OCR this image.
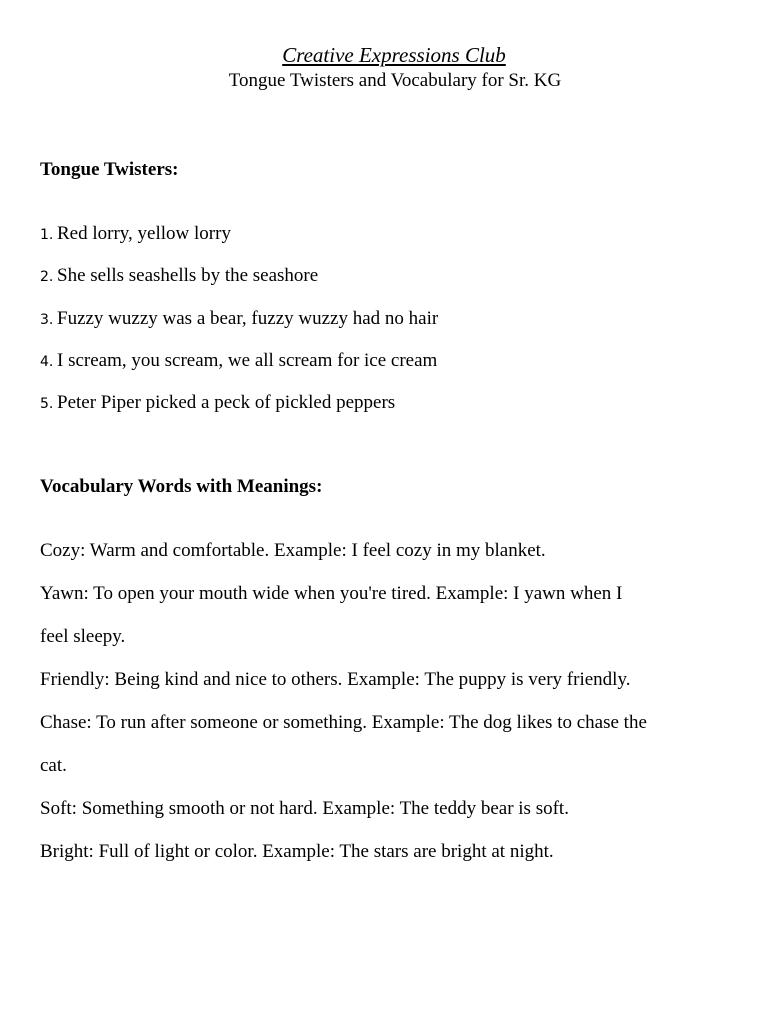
Creative Expressions Club
Tongue Twisters and Vocabulary for Sr. KG
Tongue Twisters:
1. Red lorry, yellow lorry
2. She sells seashells by the seashore
3. Fuzzy wuzzy was a bear, fuzzy wuzzy had no hair
4. I scream, you scream, we all scream for ice cream
5. Peter Piper picked a peck of pickled peppers
Vocabulary Words with Meanings:

Cozy: Warm and comfortable. Example: I feel cozy in my blanket.

Yawn: To open your mouth wide when you're tired. Example: I yawn when I feel sleepy.

Friendly: Being kind and nice to others. Example: The puppy is very friendly.

Chase: To run after someone or something. Example: The dog likes to chase the cat.

Soft: Something smooth or not hard. Example: The teddy bear is soft.

Bright: Full of light or color. Example: The stars are bright at night.
